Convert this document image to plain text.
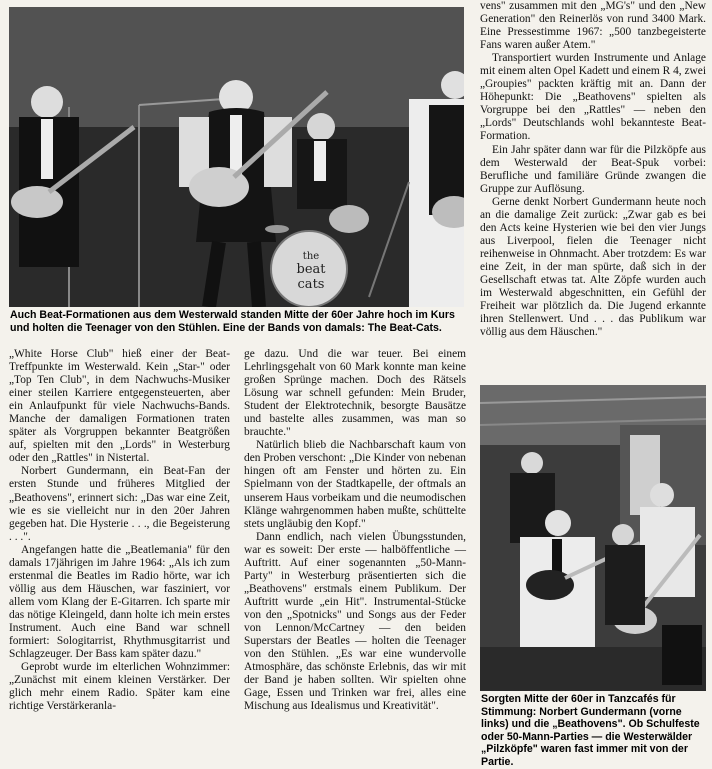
the
beat
cats
Auch Beat-Formationen aus dem Westerwald standen Mitte der 60er Jahre hoch im Kurs und holten die Teenager von den Stühlen. Eine der Bands von damals: The Beat-Cats.
Sorgten Mitte der 60er in Tanzcafés für Stimmung: Norbert Gundermann (vorne links) und die „Beathovens". Ob Schulfeste oder 50-Mann-Parties — die Westerwälder „Pilzköpfe" waren fast immer mit von der Partie.

„White Horse Club" hieß einer der Beat-Treffpunkte im Westerwald. Kein „Star-" oder „Top Ten Club", in dem Nachwuchs-Musiker einer steilen Karriere entgegensteuerten, aber ein Anlaufpunkt für viele Nachwuchs-Bands. Manche der damaligen Formationen traten später als Vorgruppen bekannter Beatgrößen auf, spielten mit den „Lords" in Westerburg oder den „Rattles" in Nistertal.

Norbert Gundermann, ein Beat-Fan der ersten Stunde und früheres Mitglied der „Beathovens", erinnert sich: „Das war eine Zeit, wie es sie vielleicht nur in den 20er Jahren gegeben hat. Die Hysterie . . ., die Begeisterung . . .".

Angefangen hatte die „Beatlemania" für den damals 17jährigen im Jahre 1964: „Als ich zum erstenmal die Beatles im Radio hörte, war ich völlig aus dem Häuschen, war fasziniert, vor allem vom Klang der E-Gitarren. Ich sparte mir das nötige Kleingeld, dann holte ich mein erstes Instrument. Auch eine Band war schnell formiert: Sologitarrist, Rhythmusgitarrist und Schlagzeuger. Der Bass kam später dazu."

Geprobt wurde im elterlichen Wohnzimmer: „Zunächst mit einem kleinen Verstärker. Der glich mehr einem Radio. Später kam eine richtige Verstärkeranla-

ge dazu. Und die war teuer. Bei einem Lehrlingsgehalt von 60 Mark konnte man keine großen Sprünge machen. Doch des Rätsels Lösung war schnell gefunden: Mein Bruder, Student der Elektrotechnik, besorgte Bausätze und bastelte alles zusammen, was man so brauchte."

Natürlich blieb die Nachbarschaft kaum von den Proben verschont: „Die Kinder von nebenan hingen oft am Fenster und hörten zu. Ein Spielmann von der Stadtkapelle, der oftmals an unserem Haus vorbeikam und die neumodischen Klänge wahrgenommen haben mußte, schüttelte stets ungläubig den Kopf."

Dann endlich, nach vielen Übungsstunden, war es soweit: Der erste — halböffentliche — Auftritt. Auf einer sogenannten „50-Mann-Party" in Westerburg präsentierten sich die „Beathovens" erstmals einem Publikum. Der Auftritt wurde „ein Hit". Instrumental-Stücke von den „Spotnicks" und Songs aus der Feder von Lennon/McCartney — den beiden Superstars der Beatles — holten die Teenager von den Stühlen. „Es war eine wundervolle Atmosphäre, das schönste Erlebnis, das wir mit der Band je haben sollten. Wir spielten ohne Gage, Essen und Trinken war frei, alles eine Mischung aus Idealismus und Kreativität".

vens" zusammen mit den „MG's" und den „New Generation" den Reinerlös von rund 3400 Mark. Eine Pressestimme 1967: „500 tanzbegeisterte Fans waren außer Atem."

Transportiert wurden Instrumente und Anlage mit einem alten Opel Kadett und einem R 4, zwei „Groupies" packten kräftig mit an. Dann der Höhepunkt: Die „Beathovens" spielten als Vorgruppe bei den „Rattles" — neben den „Lords" Deutschlands wohl bekannteste Beat-Formation.

Ein Jahr später dann war für die Pilzköpfe aus dem Westerwald der Beat-Spuk vorbei: Berufliche und familiäre Gründe zwangen die Gruppe zur Auflösung.

Gerne denkt Norbert Gundermann heute noch an die damalige Zeit zurück: „Zwar gab es bei den Acts keine Hysterien wie bei den vier Jungs aus Liverpool, fielen die Teenager nicht reihenweise in Ohnmacht. Aber trotzdem: Es war eine Zeit, in der man spürte, daß sich in der Gesellschaft etwas tat. Alte Zöpfe wurden auch im Westerwald abgeschnitten, ein Gefühl der Freiheit war plötzlich da. Die Jugend erkannte ihren Stellenwert. Und . . . das Publikum war völlig aus dem Häuschen."
